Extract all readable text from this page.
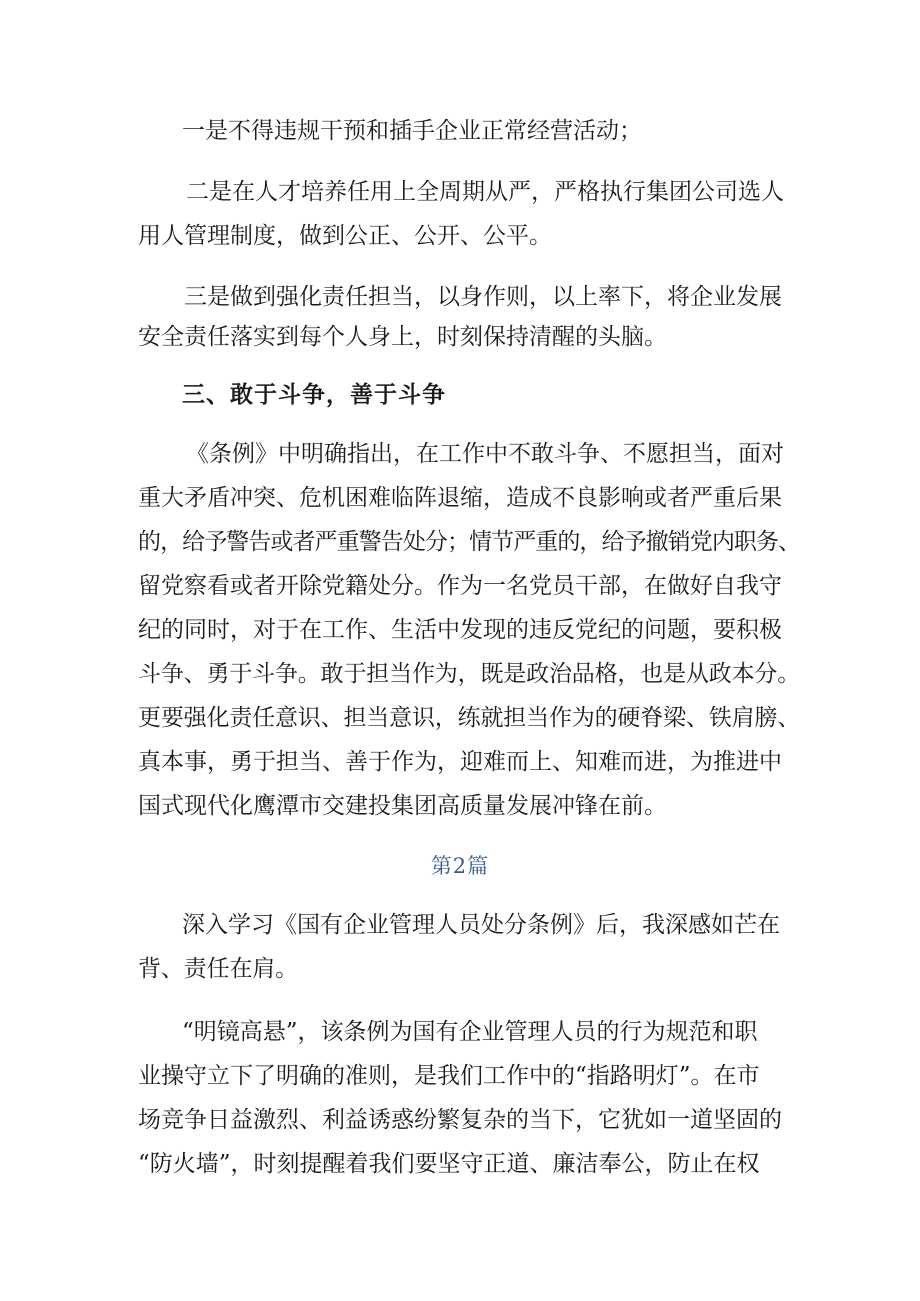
一是不得违规干预和插手企业正常经营活动；
二是在人才培养任用上全周期从严，严格执行集团公司选人
用人管理制度，做到公正、公开、公平。
三是做到强化责任担当，以身作则，以上率下，将企业发展
安全责任落实到每个人身上，时刻保持清醒的头脑。
三、敢于斗争，善于斗争
《条例》中明确指出，在工作中不敢斗争、不愿担当，面对
重大矛盾冲突、危机困难临阵退缩，造成不良影响或者严重后果
的，给予警告或者严重警告处分；情节严重的，给予撤销党内职务、
留党察看或者开除党籍处分。作为一名党员干部，在做好自我守
纪的同时，对于在工作、生活中发现的违反党纪的问题，要积极
斗争、勇于斗争。敢于担当作为，既是政治品格，也是从政本分。
更要强化责任意识、担当意识，练就担当作为的硬脊梁、铁肩膀、
真本事，勇于担当、善于作为，迎难而上、知难而进，为推进中
国式现代化鹰潭市交建投集团高质量发展冲锋在前。
第2篇
深入学习《国有企业管理人员处分条例》后，我深感如芒在
背、责任在肩。
“明镜高悬”，该条例为国有企业管理人员的行为规范和职
业操守立下了明确的准则，是我们工作中的“指路明灯”。在市
场竞争日益激烈、利益诱惑纷繁复杂的当下，它犹如一道坚固的
“防火墙”，时刻提醒着我们要坚守正道、廉洁奉公，防止在权
